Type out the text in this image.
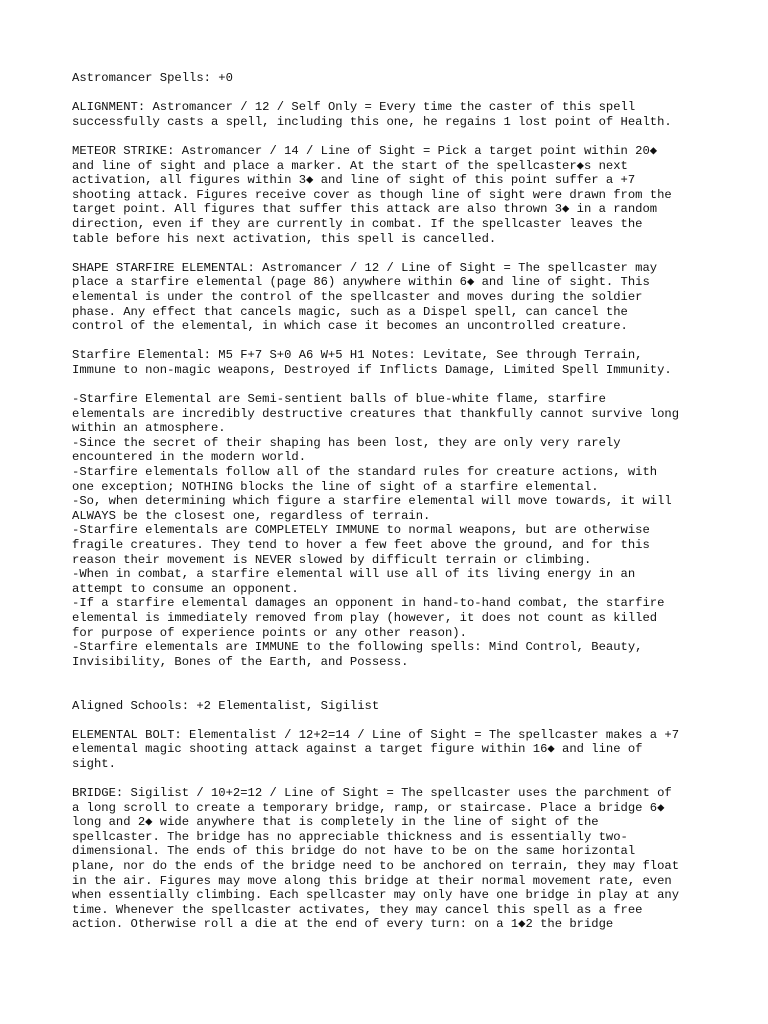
Astromancer Spells: +0
ALIGNMENT: Astromancer / 12 / Self Only = Every time the caster of this spell
successfully casts a spell, including this one, he regains 1 lost point of Health.
METEOR STRIKE: Astromancer / 14 / Line of Sight = Pick a target point within 20◆
and line of sight and place a marker. At the start of the spellcaster◆s next
activation, all figures within 3◆ and line of sight of this point suffer a +7
shooting attack. Figures receive cover as though line of sight were drawn from the
target point. All figures that suffer this attack are also thrown 3◆ in a random
direction, even if they are currently in combat. If the spellcaster leaves the
table before his next activation, this spell is cancelled.
SHAPE STARFIRE ELEMENTAL: Astromancer / 12 / Line of Sight = The spellcaster may
place a starfire elemental (page 86) anywhere within 6◆ and line of sight. This
elemental is under the control of the spellcaster and moves during the soldier
phase. Any effect that cancels magic, such as a Dispel spell, can cancel the
control of the elemental, in which case it becomes an uncontrolled creature.
Starfire Elemental: M5 F+7 S+0 A6 W+5 H1 Notes: Levitate, See through Terrain,
Immune to non-magic weapons, Destroyed if Inflicts Damage, Limited Spell Immunity.
-Starfire Elemental are Semi-sentient balls of blue-white flame, starfire
elementals are incredibly destructive creatures that thankfully cannot survive long
within an atmosphere.
-Since the secret of their shaping has been lost, they are only very rarely
encountered in the modern world.
-Starfire elementals follow all of the standard rules for creature actions, with
one exception; NOTHING blocks the line of sight of a starfire elemental.
-So, when determining which figure a starfire elemental will move towards, it will
ALWAYS be the closest one, regardless of terrain.
-Starfire elementals are COMPLETELY IMMUNE to normal weapons, but are otherwise
fragile creatures. They tend to hover a few feet above the ground, and for this
reason their movement is NEVER slowed by difficult terrain or climbing.
-When in combat, a starfire elemental will use all of its living energy in an
attempt to consume an opponent.
-If a starfire elemental damages an opponent in hand-to-hand combat, the starfire
elemental is immediately removed from play (however, it does not count as killed
for purpose of experience points or any other reason).
-Starfire elementals are IMMUNE to the following spells: Mind Control, Beauty,
Invisibility, Bones of the Earth, and Possess.
Aligned Schools: +2 Elementalist, Sigilist
ELEMENTAL BOLT: Elementalist / 12+2=14 / Line of Sight = The spellcaster makes a +7
elemental magic shooting attack against a target figure within 16◆ and line of
sight.
BRIDGE: Sigilist / 10+2=12 / Line of Sight = The spellcaster uses the parchment of
a long scroll to create a temporary bridge, ramp, or staircase. Place a bridge 6◆
long and 2◆ wide anywhere that is completely in the line of sight of the
spellcaster. The bridge has no appreciable thickness and is essentially two-
dimensional. The ends of this bridge do not have to be on the same horizontal
plane, nor do the ends of the bridge need to be anchored on terrain, they may float
in the air. Figures may move along this bridge at their normal movement rate, even
when essentially climbing. Each spellcaster may only have one bridge in play at any
time. Whenever the spellcaster activates, they may cancel this spell as a free
action. Otherwise roll a die at the end of every turn: on a 1◆2 the bridge
